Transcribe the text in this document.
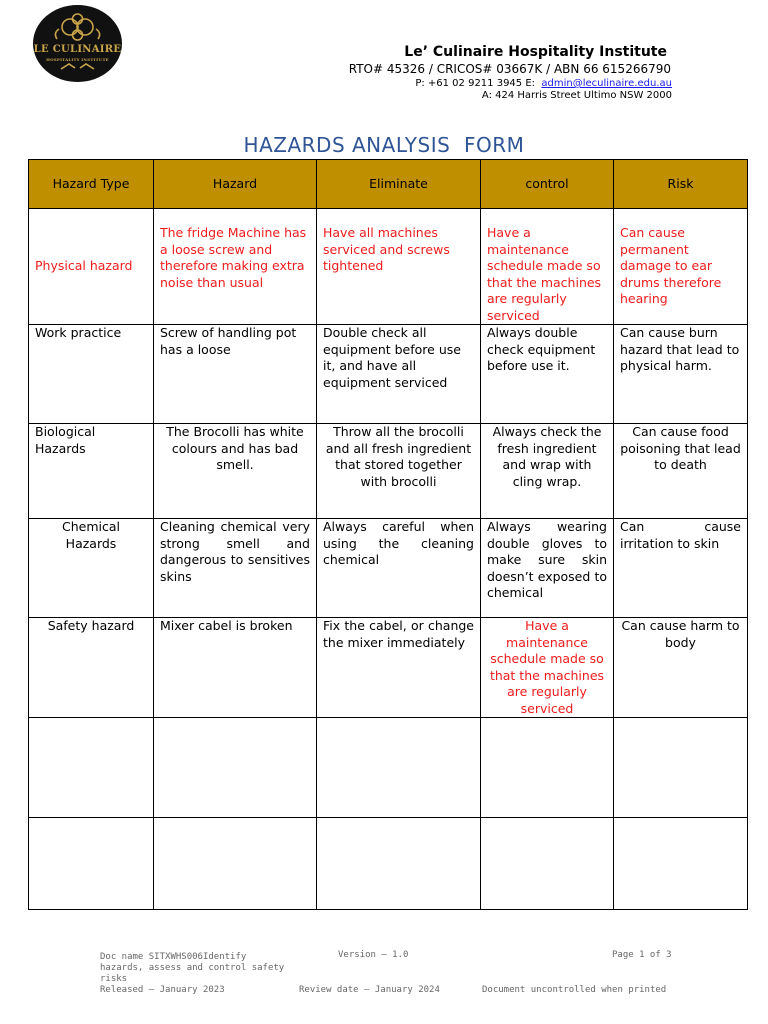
LE CULINAIRE
HOSPITALITY INSTITUTE	Le’ Culinaire Hospitality Institute
RTO# 45326 / CRICOS# 03667K / ABN 66 615266790
P: +61 02 9211 3945 E: admin@leculinaire.edu.au
A: 424 Harris Street Ultimo NSW 2000
HAZARDS ANALYSIS  FORM
Hazard Type	Hazard	Eliminate	control	Risk
Physical hazard	The fridge Machine has a loose screw and therefore making extra noise than usual	Have all machines serviced and screws tightened	Have a maintenance schedule made so that the machines are regularly serviced	Can cause permanent damage to ear drums therefore hearing
Work practice	Screw of handling pot has a loose	Double check all equipment before use it, and have all equipment serviced	Always double check equipment before use it.	Can cause burn hazard that lead to physical harm.
Biological Hazards	The Brocolli has white colours and has bad smell.	Throw all the brocolli and all fresh ingredient that stored together with brocolli	Always check the fresh ingredient and wrap with cling wrap.	Can cause food poisoning that lead to death
Chemical Hazards	Cleaning chemical very strong smell and dangerous to sensitives skins	Always careful when using the cleaning chemical	Always wearing double gloves to make sure skin doesn’t exposed to chemical	Can cause irritation to skin
Safety hazard	Mixer cabel is broken	Fix the cabel, or change the mixer immediately	Have a maintenance schedule made so that the machines are regularly serviced	Can cause harm to body

Doc name SITXWHS006Identify hazards, assess and control safety risks
Released – January 2023
Version – 1.0	Page 1 of 3
Review date – January 2024	Document uncontrolled when printed
